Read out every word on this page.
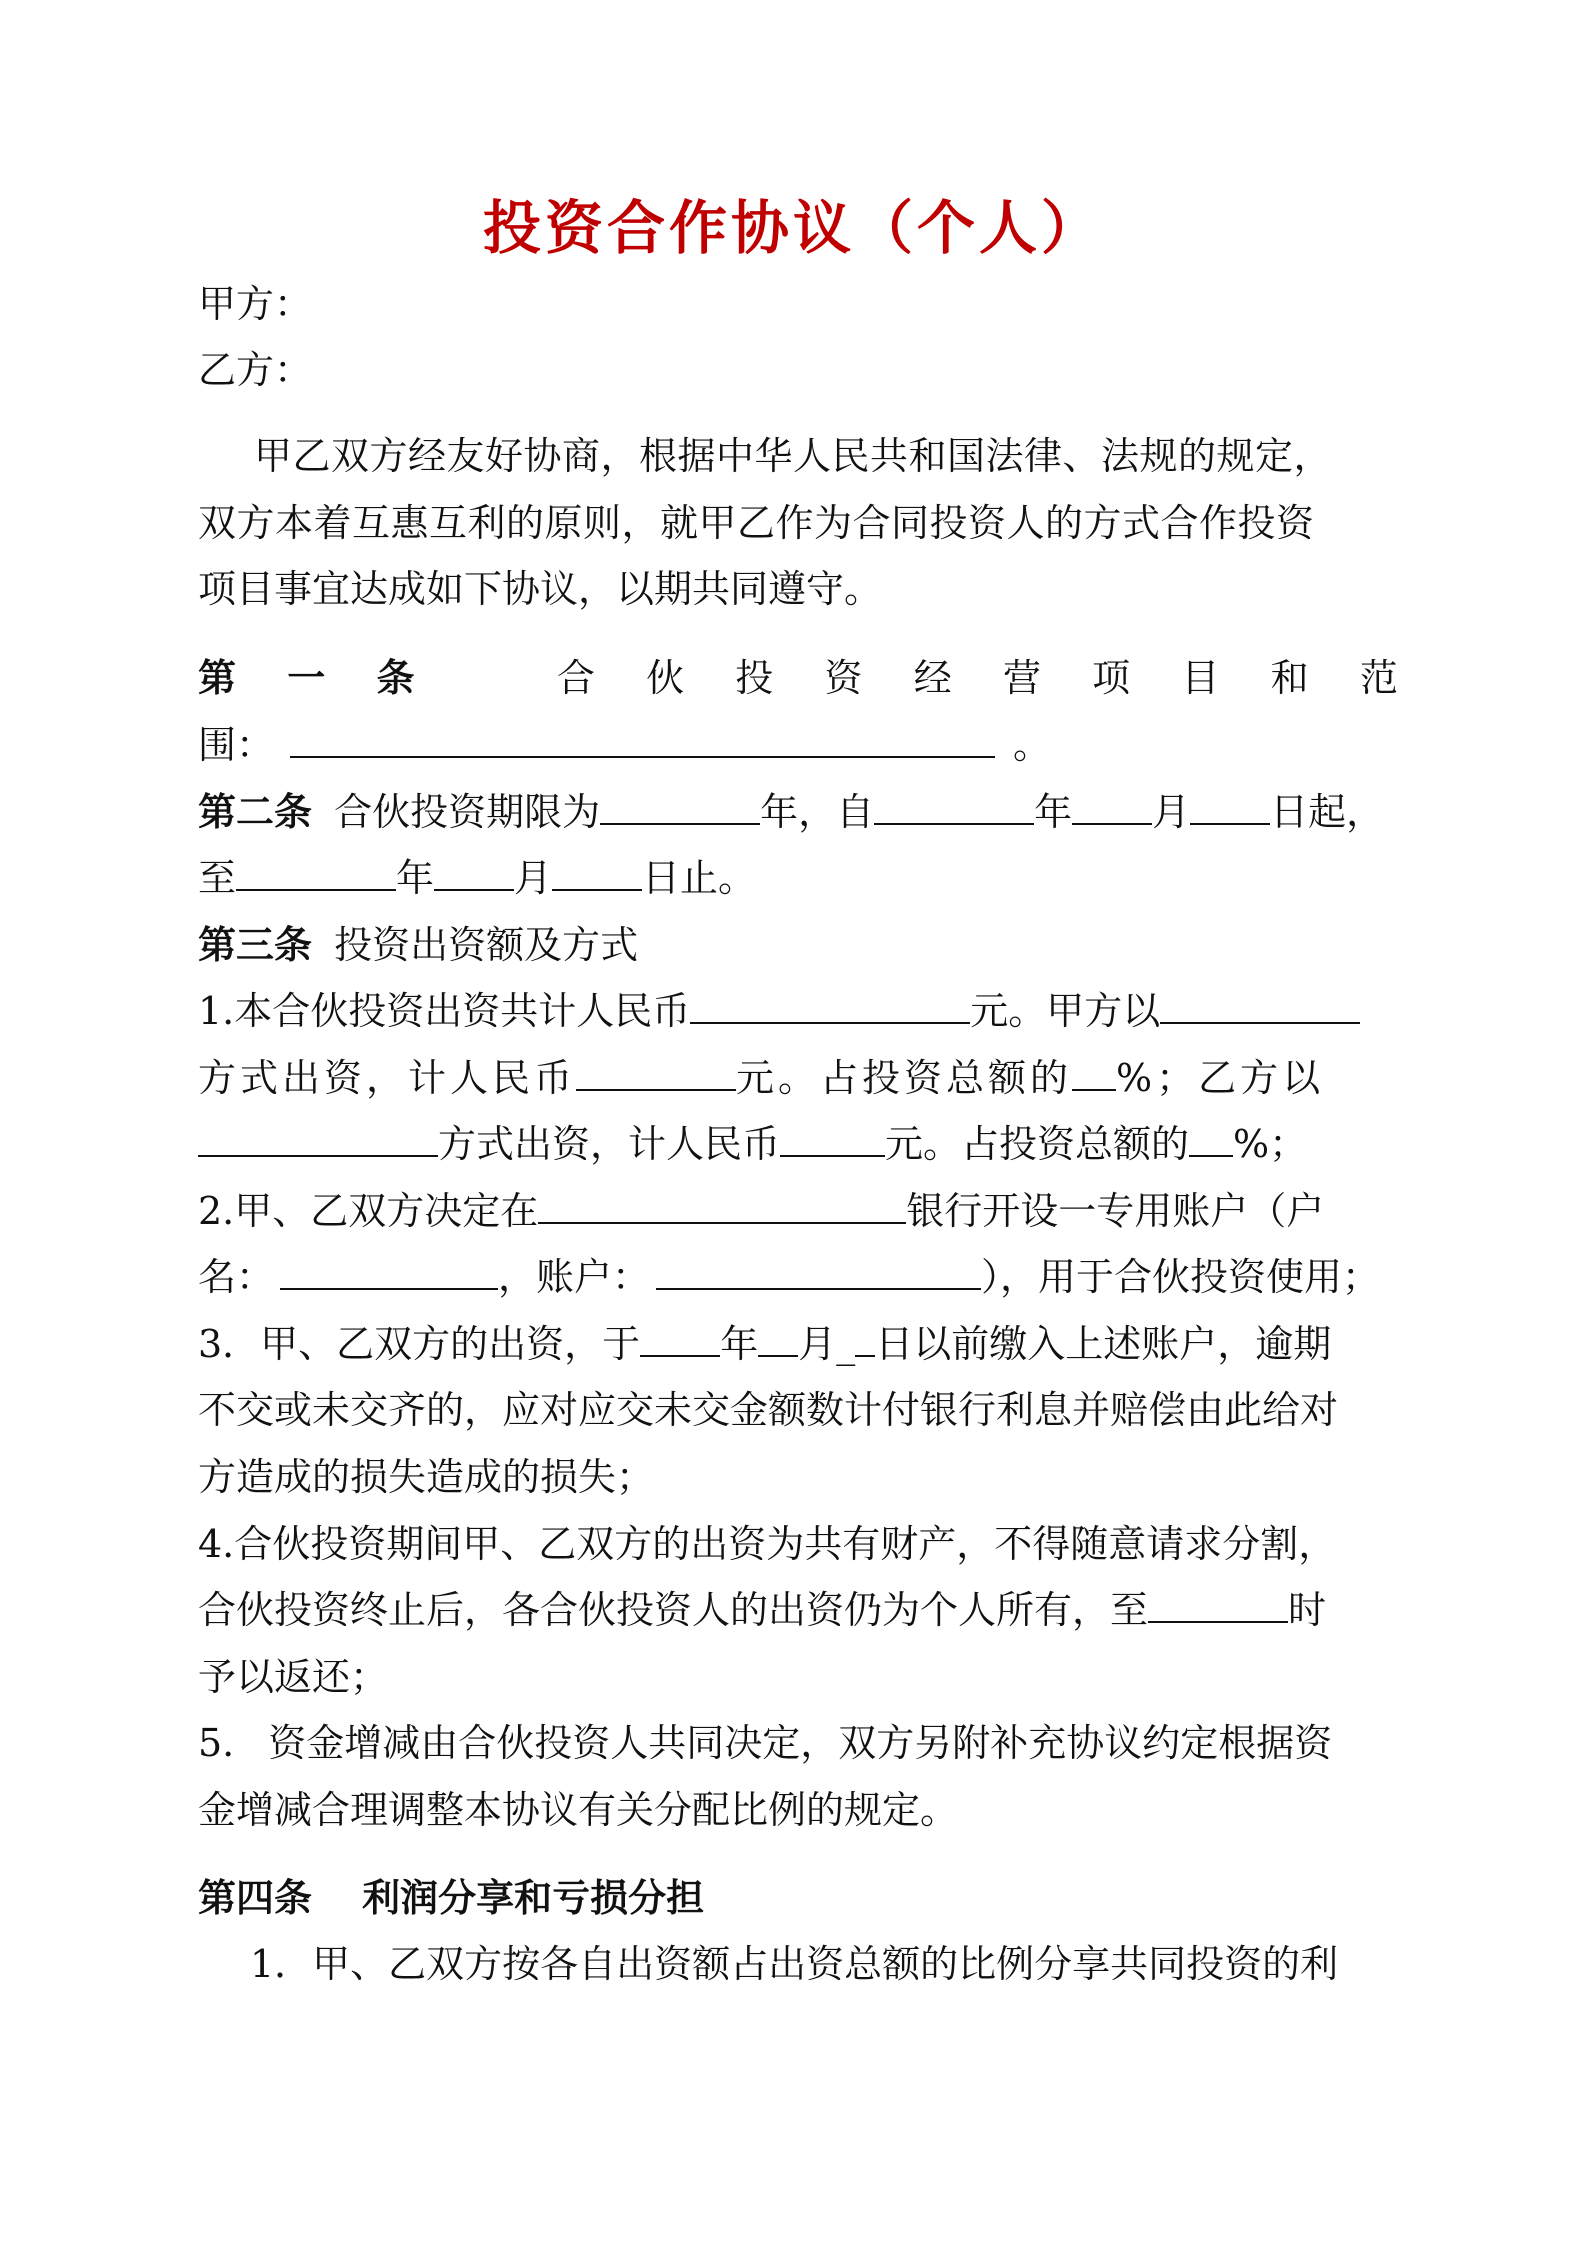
投资合作协议（个人）
甲方：
乙方：
甲乙双方经友好协商，根据中华人民共和国法律、法规的规定，
双方本着互惠互利的原则，就甲乙作为合同投资人的方式合作投资
项目事宜达成如下协议，以期共同遵守。
第 一 条	合 伙 投 资 经 营 项 目 和 范
围：	。
第二条 合伙投资期限为	年，自	年 月 日起，
至	年 月 日止。
第三条 投资出资额及方式
1.本合伙投资出资共计人民币	元。甲方以
方式出资，计人民币	元。占投资总额的 %；乙方以
方式出资，计人民币	元。占投资总额的 %；
2.甲、乙双方决定在	银行开设一专用账户（户
名：	，账户：	），用于合伙投资使用；
3．甲、乙双方的出资，于 年 月_ 日以前缴入上述账户，逾期
不交或未交齐的，应对应交未交金额数计付银行利息并赔偿由此给对
方造成的损失造成的损失；
4.合伙投资期间甲、乙双方的出资为共有财产，不得随意请求分割，
合伙投资终止后，各合伙投资人的出资仍为个人所有，至	时
予以返还；
5. 资金增减由合伙投资人共同决定，双方另附补充协议约定根据资
金增减合理调整本协议有关分配比例的规定。
第四条 利润分享和亏损分担
1．甲、乙双方按各自出资额占出资总额的比例分享共同投资的利
